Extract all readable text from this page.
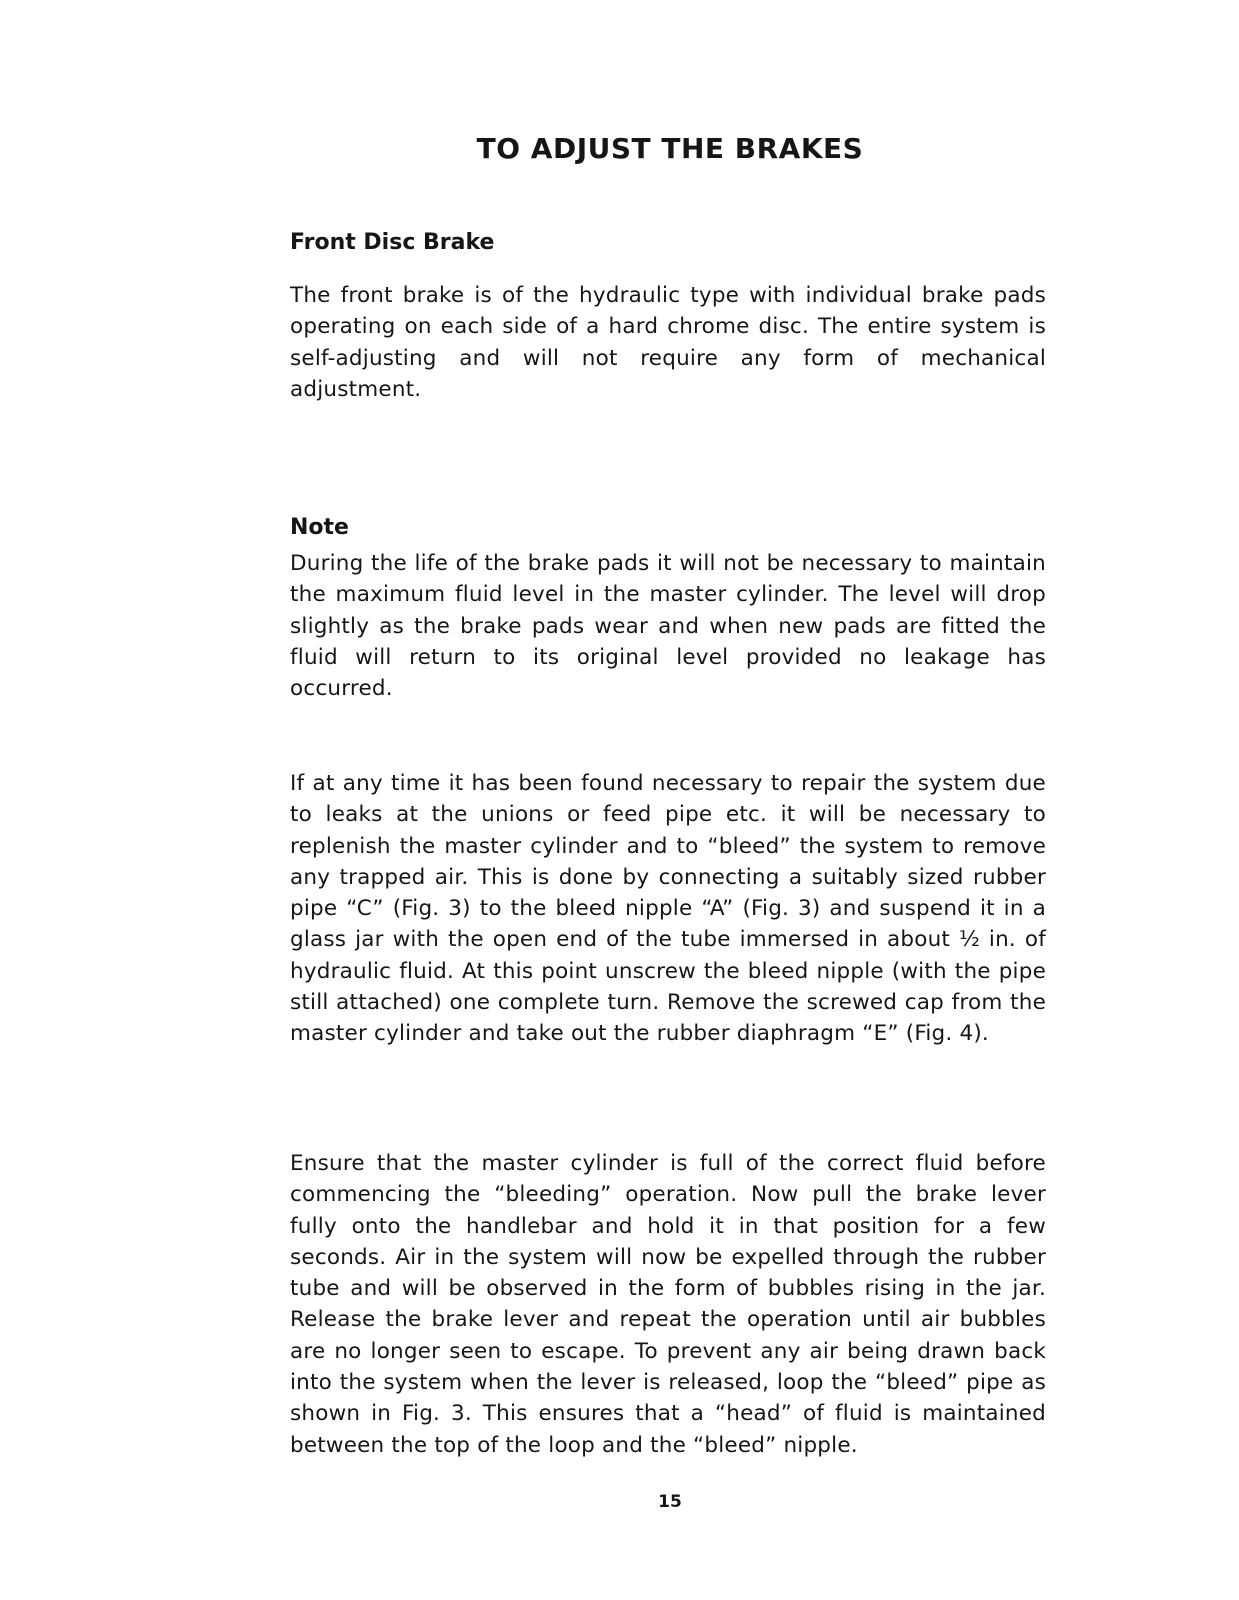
TO ADJUST THE BRAKES
Front Disc Brake

The front brake is of the hydraulic type with individual brake pads operating on each side of a hard chrome disc. The entire system is self-adjusting and will not require any form of mechanical adjustment.

Note

During the life of the brake pads it will not be necessary to maintain the maximum fluid level in the master cylinder. The level will drop slightly as the brake pads wear and when new pads are fitted the fluid will return to its original level provided no leakage has occurred.

If at any time it has been found necessary to repair the system due to leaks at the unions or feed pipe etc. it will be necessary to replenish the master cylinder and to “bleed” the system to remove any trapped air. This is done by connecting a suitably sized rubber pipe “C” (Fig. 3) to the bleed nipple “A” (Fig. 3) and suspend it in a glass jar with the open end of the tube immersed in about ½ in. of hydraulic fluid. At this point unscrew the bleed nipple (with the pipe still attached) one complete turn. Remove the screwed cap from the master cylinder and take out the rubber diaphragm “E” (Fig. 4).

Ensure that the master cylinder is full of the correct fluid before commencing the “bleeding” operation. Now pull the brake lever fully onto the handlebar and hold it in that position for a few seconds. Air in the system will now be expelled through the rubber tube and will be observed in the form of bubbles rising in the jar. Release the brake lever and repeat the operation until air bubbles are no longer seen to escape. To prevent any air being drawn back into the system when the lever is released, loop the “bleed” pipe as shown in Fig. 3. This ensures that a “head” of fluid is maintained between the top of the loop and the “bleed” nipple.

15
